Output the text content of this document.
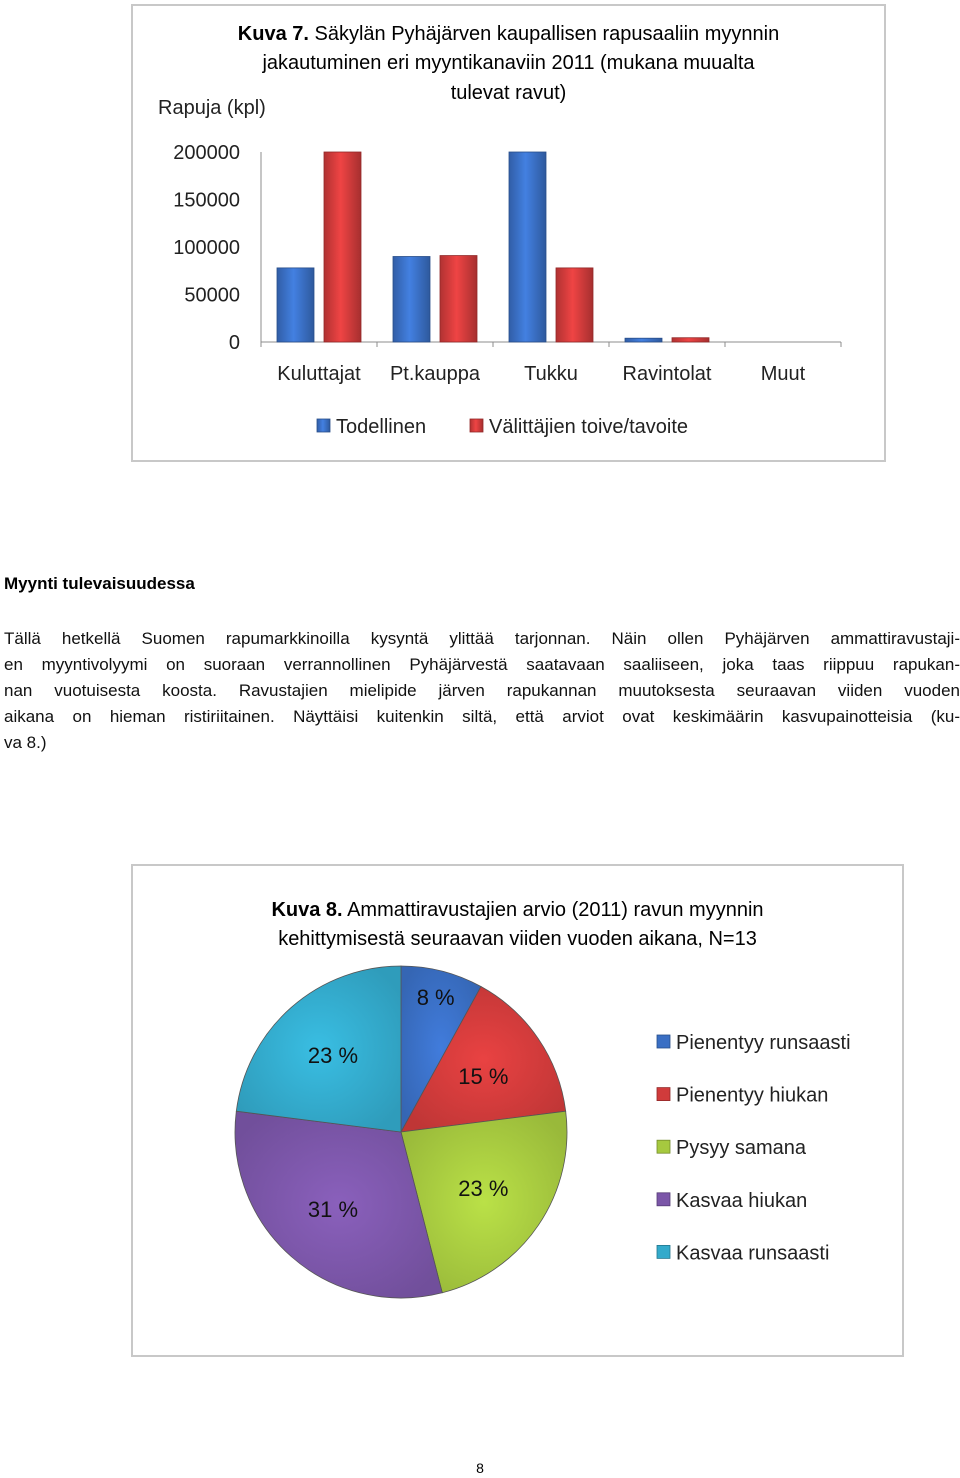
Kuva 7. Säkylän Pyhäjärven kaupallisen rapusaaliin myynnin
jakautuminen eri myyntikanaviin 2011 (mukana muualta
tulevat ravut)
Rapuja (kpl)
200000
150000
100000
50000
0
Kuluttajat Pt.kauppa Tukku Ravintolat Muut
Todellinen	Välittäjien toive/tavoite
Myynti tulevaisuudessa
Tällä hetkellä Suomen rapumarkkinoilla kysyntä ylittää tarjonnan. Näin ollen Pyhäjärven ammattiravustaji-
en myyntivolyymi on suoraan verrannollinen Pyhäjärvestä saatavaan saaliiseen, joka taas riippuu rapukan-
nan vuotuisesta koosta. Ravustajien mielipide järven rapukannan muutoksesta seuraavan viiden vuoden
aikana on hieman ristiriitainen. Näyttäisi kuitenkin siltä, että arviot ovat keskimäärin kasvupainotteisia (ku-
va 8.)
Kuva 8. Ammattiravustajien arvio (2011) ravun myynnin
kehittymisestä seuraavan viiden vuoden aikana, N=13
8 %
15 %
23 %
31 %
23 %	Pienentyy runsaasti
Pienentyy hiukan
Pysyy samana
Kasvaa hiukan
Kasvaa runsaasti
8
